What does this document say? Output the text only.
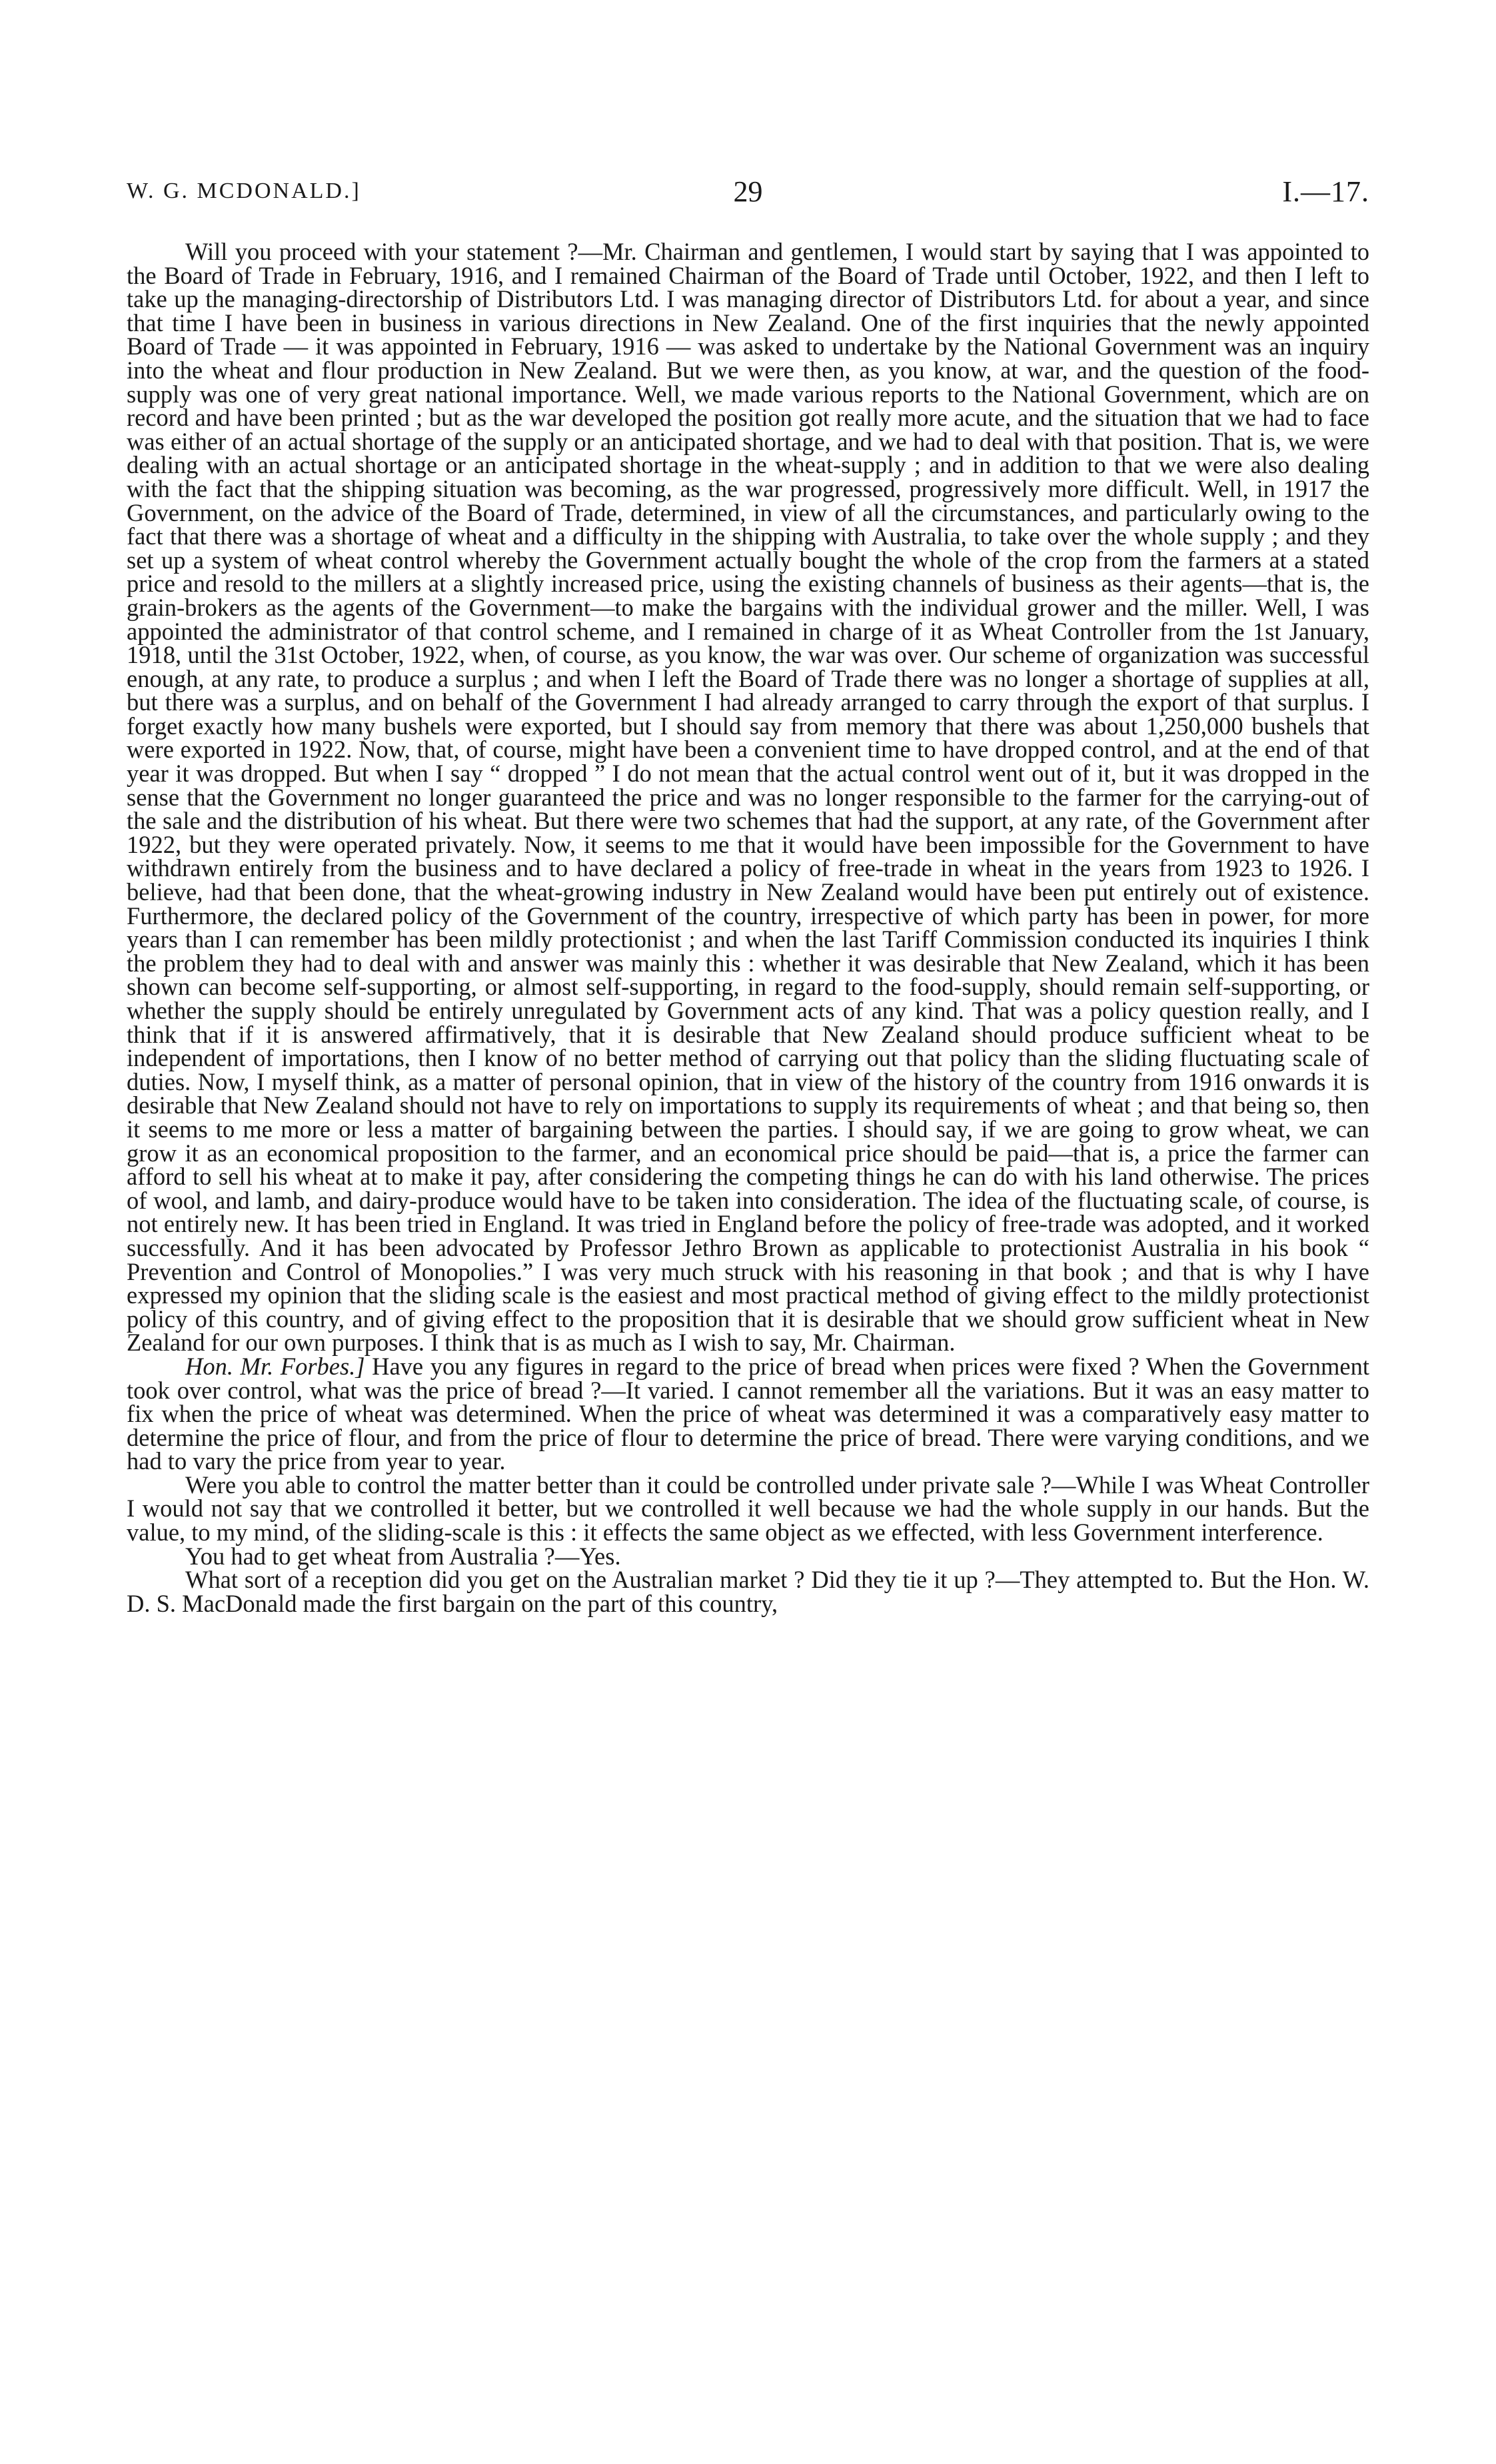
W. G. MCDONALD.]	29	I.—17.

Will you proceed with your statement ?—Mr. Chairman and gentlemen, I would start by saying that I was appointed to the Board of Trade in February, 1916, and I remained Chairman of the Board of Trade until October, 1922, and then I left to take up the managing-directorship of Distributors Ltd. I was managing director of Distributors Ltd. for about a year, and since that time I have been in business in various directions in New Zealand. One of the first inquiries that the newly appointed Board of Trade — it was appointed in February, 1916 — was asked to undertake by the National Government was an inquiry into the wheat and flour production in New Zealand. But we were then, as you know, at war, and the question of the food-supply was one of very great national importance. Well, we made various reports to the National Government, which are on record and have been printed ; but as the war developed the position got really more acute, and the situation that we had to face was either of an actual shortage of the supply or an anticipated shortage, and we had to deal with that position. That is, we were dealing with an actual shortage or an anticipated shortage in the wheat-supply ; and in addition to that we were also dealing with the fact that the shipping situation was becoming, as the war progressed, progressively more difficult. Well, in 1917 the Government, on the advice of the Board of Trade, determined, in view of all the circumstances, and particularly owing to the fact that there was a shortage of wheat and a difficulty in the shipping with Australia, to take over the whole supply ; and they set up a system of wheat control whereby the Government actually bought the whole of the crop from the farmers at a stated price and resold to the millers at a slightly increased price, using the existing channels of business as their agents—that is, the grain-brokers as the agents of the Government—to make the bargains with the individual grower and the miller. Well, I was appointed the administrator of that control scheme, and I remained in charge of it as Wheat Controller from the 1st January, 1918, until the 31st October, 1922, when, of course, as you know, the war was over. Our scheme of organization was successful enough, at any rate, to produce a surplus ; and when I left the Board of Trade there was no longer a shortage of supplies at all, but there was a surplus, and on behalf of the Government I had already arranged to carry through the export of that surplus. I forget exactly how many bushels were exported, but I should say from memory that there was about 1,250,000 bushels that were exported in 1922. Now, that, of course, might have been a convenient time to have dropped control, and at the end of that year it was dropped. But when I say “ dropped ” I do not mean that the actual control went out of it, but it was dropped in the sense that the Government no longer guaranteed the price and was no longer responsible to the farmer for the carrying-out of the sale and the distribution of his wheat. But there were two schemes that had the support, at any rate, of the Government after 1922, but they were operated privately. Now, it seems to me that it would have been impossible for the Government to have withdrawn entirely from the business and to have declared a policy of free-trade in wheat in the years from 1923 to 1926. I believe, had that been done, that the wheat-growing industry in New Zealand would have been put entirely out of existence. Furthermore, the declared policy of the Government of the country, irrespective of which party has been in power, for more years than I can remember has been mildly protectionist ; and when the last Tariff Commission conducted its inquiries I think the problem they had to deal with and answer was mainly this : whether it was desirable that New Zealand, which it has been shown can become self-supporting, or almost self-supporting, in regard to the food-supply, should remain self-supporting, or whether the supply should be entirely unregulated by Government acts of any kind. That was a policy question really, and I think that if it is answered affirmatively, that it is desirable that New Zealand should produce sufficient wheat to be independent of importations, then I know of no better method of carrying out that policy than the sliding fluctuating scale of duties. Now, I myself think, as a matter of personal opinion, that in view of the history of the country from 1916 onwards it is desirable that New Zealand should not have to rely on importations to supply its requirements of wheat ; and that being so, then it seems to me more or less a matter of bargaining between the parties. I should say, if we are going to grow wheat, we can grow it as an economical proposition to the farmer, and an economical price should be paid—that is, a price the farmer can afford to sell his wheat at to make it pay, after considering the competing things he can do with his land otherwise. The prices of wool, and lamb, and dairy-produce would have to be taken into consideration. The idea of the fluctuating scale, of course, is not entirely new. It has been tried in England. It was tried in England before the policy of free-trade was adopted, and it worked successfully. And it has been advocated by Professor Jethro Brown as applicable to protectionist Australia in his book “ Prevention and Control of Monopolies.” I was very much struck with his reasoning in that book ; and that is why I have expressed my opinion that the sliding scale is the easiest and most practical method of giving effect to the mildly protectionist policy of this country, and of giving effect to the proposition that it is desirable that we should grow sufficient wheat in New Zealand for our own purposes. I think that is as much as I wish to say, Mr. Chairman.

Hon. Mr. Forbes.] Have you any figures in regard to the price of bread when prices were fixed ? When the Government took over control, what was the price of bread ?—It varied. I cannot remember all the variations. But it was an easy matter to fix when the price of wheat was determined. When the price of wheat was determined it was a comparatively easy matter to determine the price of flour, and from the price of flour to determine the price of bread. There were varying conditions, and we had to vary the price from year to year.

Were you able to control the matter better than it could be controlled under private sale ?—While I was Wheat Controller I would not say that we controlled it better, but we controlled it well because we had the whole supply in our hands. But the value, to my mind, of the sliding-scale is this : it effects the same object as we effected, with less Government interference.

You had to get wheat from Australia ?—Yes.

What sort of a reception did you get on the Australian market ? Did they tie it up ?—They attempted to. But the Hon. W. D. S. MacDonald made the first bargain on the part of this country,
